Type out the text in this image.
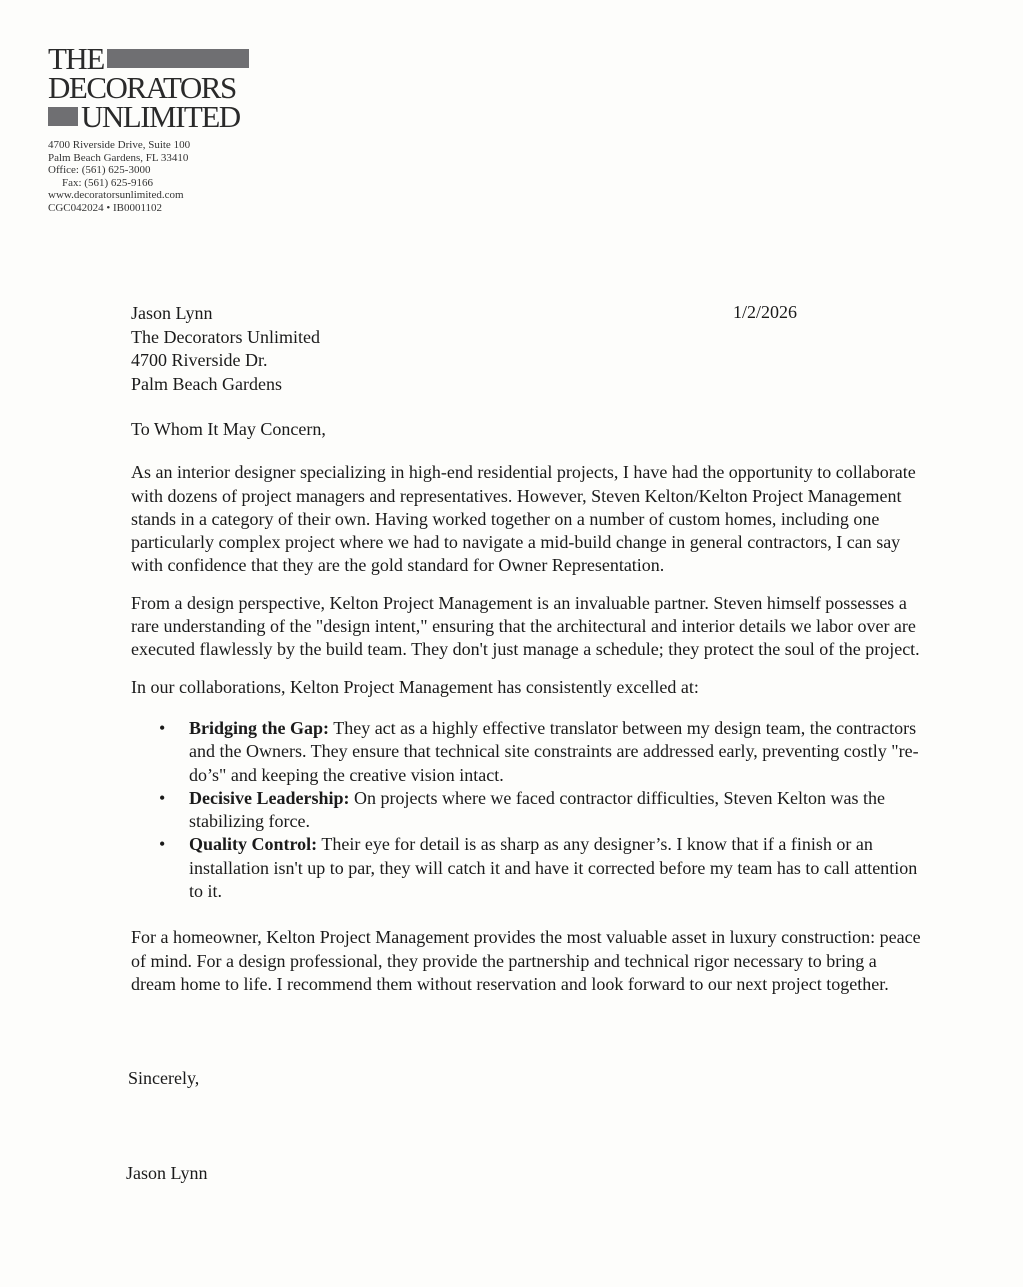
THE
DECORATORS
UNLIMITED
4700 Riverside Drive, Suite 100
Palm Beach Gardens, FL 33410
Office: (561) 625-3000
Fax: (561) 625-9166
www.decoratorsunlimited.com
CGC042024 • IB0001102
Jason Lynn
The Decorators Unlimited
4700 Riverside Dr.
Palm Beach Gardens
1/2/2026

To Whom It May Concern,

As an interior designer specializing in high-end residential projects, I have had the opportunity to collaborate with dozens of project managers and representatives. However, Steven Kelton/Kelton Project Management stands in a category of their own. Having worked together on a number of custom homes, including one particularly complex project where we had to navigate a mid-build change in general contractors, I can say with confidence that they are the gold standard for Owner Representation.

From a design perspective, Kelton Project Management is an invaluable partner. Steven himself possesses a rare understanding of the "design intent," ensuring that the architectural and interior details we labor over are executed flawlessly by the build team. They don't just manage a schedule; they protect the soul of the project.

In our collaborations, Kelton Project Management has consistently excelled at:

• Bridging the Gap: They act as a highly effective translator between my design team, the contractors and the Owners. They ensure that technical site constraints are addressed early, preventing costly "re-do’s" and keeping the creative vision intact.
• Decisive Leadership: On projects where we faced contractor difficulties, Steven Kelton was the stabilizing force.
• Quality Control: Their eye for detail is as sharp as any designer’s. I know that if a finish or an installation isn't up to par, they will catch it and have it corrected before my team has to call attention to it.

For a homeowner, Kelton Project Management provides the most valuable asset in luxury construction: peace of mind. For a design professional, they provide the partnership and technical rigor necessary to bring a dream home to life. I recommend them without reservation and look forward to our next project together.

Sincerely,
Jason Lynn
